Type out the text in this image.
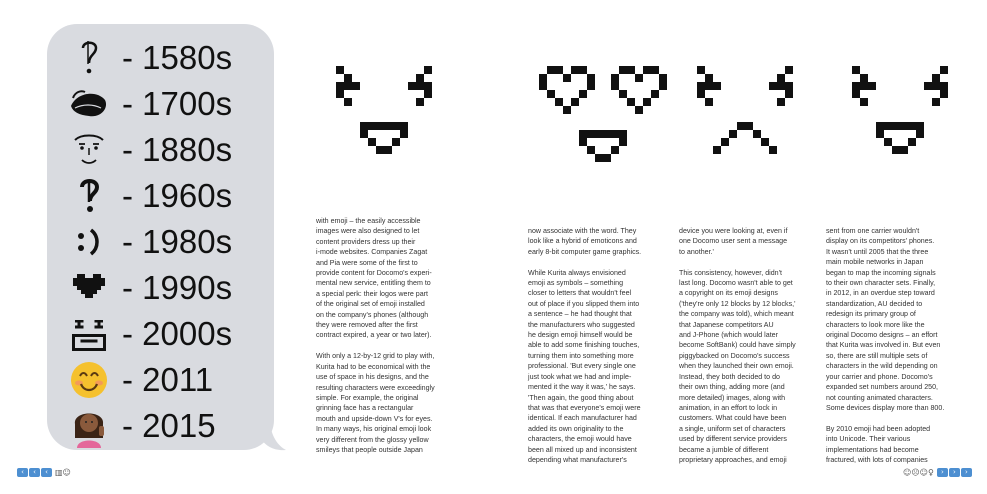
- 1580s
- 1700s
- 1880s
- 1960s
- 1980s
- 1990s
- 2000s
- 2011
- 2015
with emoji – the easily accessible
images were also designed to let
content providers dress up their
i-mode websites. Companies Zagat
and Pia were some of the first to
provide content for Docomo's experi-
mental new service, entitling them to
a special perk: their logos were part
of the original set of emoji installed
on the company's phones (although
they were removed after the first
contract expired, a year or two later).

With only a 12-by-12 grid to play with,
Kurita had to be economical with the
use of space in his designs, and the
resulting characters were exceedingly
simple. For example, the original
grinning face has a rectangular
mouth and upside-down V's for eyes.
In many ways, his original emoji look
very different from the glossy yellow
smileys that people outside Japan
now associate with the word. They
look like a hybrid of emoticons and
early 8-bit computer game graphics.

While Kurita always envisioned
emoji as symbols – something
closer to letters that wouldn't feel
out of place if you slipped them into
a sentence – he had thought that
the manufacturers who suggested
he design emoji himself would be
able to add some finishing touches,
turning them into something more
professional. 'But every single one
just took what we had and imple-
mented it the way it was,' he says.
'Then again, the good thing about
that was that everyone's emoji were
identical. If each manufacturer had
added its own originality to the
characters, the emoji would have
been all mixed up and inconsistent
depending what manufacturer's
device you were looking at, even if
one Docomo user sent a message
to another.'

This consistency, however, didn't
last long. Docomo wasn't able to get
a copyright on its emoji designs
('they're only 12 blocks by 12 blocks,'
the company was told), which meant
that Japanese competitors AU
and J-Phone (which would later
become SoftBank) could have simply
piggybacked on Docomo's success
when they launched their own emoji.
Instead, they both decided to do
their own thing, adding more (and
more detailed) images, along with
animation, in an effort to lock in
customers. What could have been
a single, uniform set of characters
used by different service providers
became a jumble of different
proprietary approaches, and emoji
sent from one carrier wouldn't
display on its competitors' phones.
It wasn't until 2005 that the three
main mobile networks in Japan
began to map the incoming signals
to their own character sets. Finally,
in 2012, in an overdue step toward
standardization, AU decided to
redesign its primary group of
characters to look more like the
original Docomo designs – an effort
that Kurita was involved in. But even
so, there are still multiple sets of
characters in the wild depending on
your carrier and phone. Docomo's
expanded set numbers around 250,
not counting animated characters.
Some devices display more than 800.

By 2010 emoji had been adopted
into Unicode. Their various
implementations had become
fractured, with lots of companies
‹	‹	‹ ▥☺	☺☹☺♀	›	›	›
